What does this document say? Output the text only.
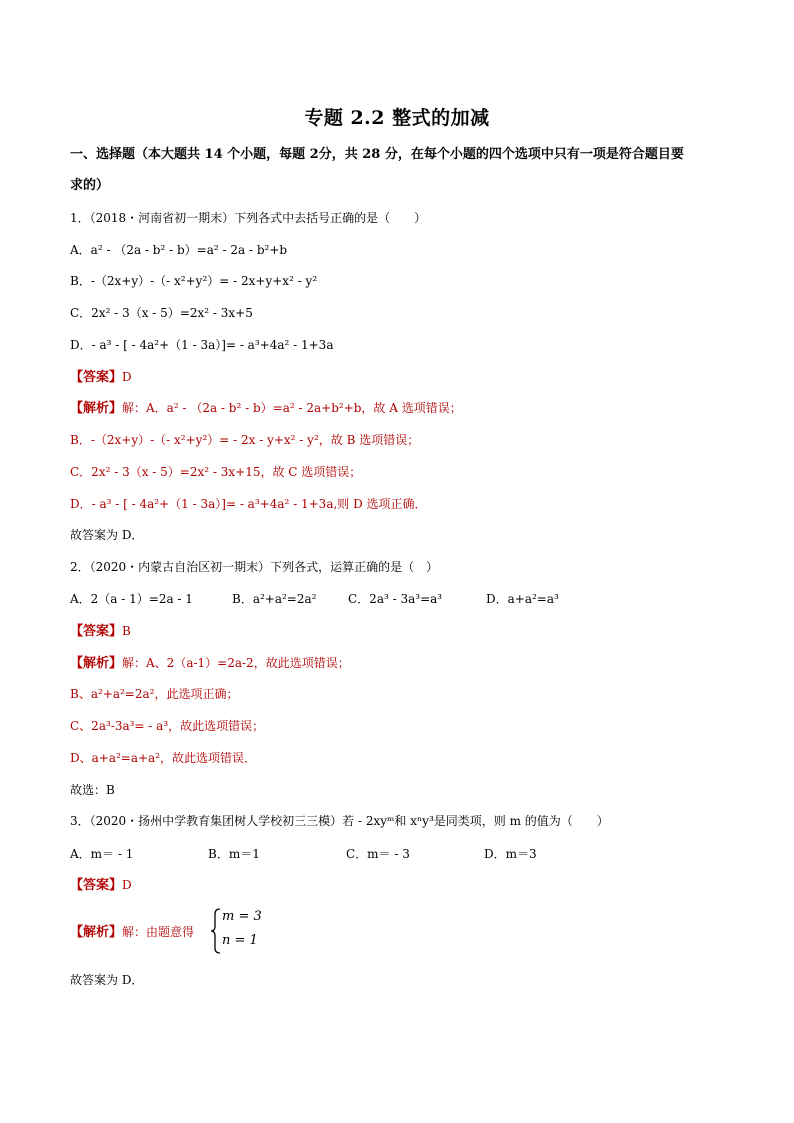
专题 2.2 整式的加减
一、选择题（本大题共 14 个小题，每题 2分，共 28 分，在每个小题的四个选项中只有一项是符合题目要
求的）
1．（2018・河南省初一期末）下列各式中去括号正确的是（　　）
A．a² - （2a - b² - b）=a² - 2a - b²+b
B．-（2x+y）-（- x²+y²）= - 2x+y+x² - y²
C．2x² - 3（x - 5）=2x² - 3x+5
D．- a³ - [ - 4a²+（1 - 3a）]= - a³+4a² - 1+3a
【答案】D
【解析】解：A．a² - （2a - b² - b）=a² - 2a+b²+b，故 A 选项错误；
B．-（2x+y）-（- x²+y²）= - 2x - y+x² - y²，故 B 选项错误；
C．2x² - 3（x - 5）=2x² - 3x+15，故 C 选项错误；
D．- a³ - [ - 4a²+（1 - 3a）]= - a³+4a² - 1+3a,则 D 选项正确．
故答案为 D．
2．（2020・内蒙古自治区初一期末）下列各式，运算正确的是（　）
A．2（a - 1）=2a - 1	B．a²+a²=2a²	C．2a³ - 3a³=a³	D．a+a²=a³
【答案】B
【解析】解：A、2（a-1）=2a-2，故此选项错误；
B、a²+a²=2a²，此选项正确；
C、2a³-3a³= - a³，故此选项错误；
D、a+a²=a+a²，故此选项错误．
故选：B
3．（2020・扬州中学教育集团树人学校初三三模）若 - 2xyᵐ和 xⁿy³是同类项，则 m 的值为（　　）
A．m＝ - 1	B．m＝1	C．m＝ - 3	D．m＝3
【答案】D
【解析】解：由题意得
m = 3
n = 1
故答案为 D．
